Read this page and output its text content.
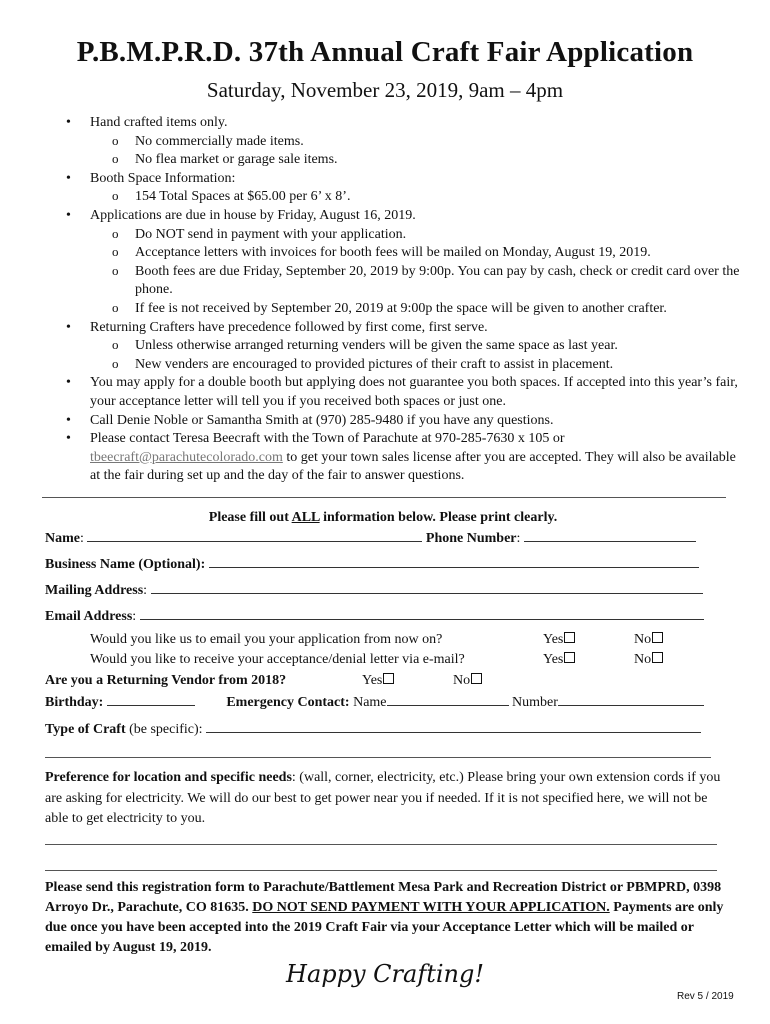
P.B.M.P.R.D. 37th Annual Craft Fair Application
Saturday, November 23, 2019, 9am – 4pm
• Hand crafted items only.
o No commercially made items.
o No flea market or garage sale items.
• Booth Space Information:
o 154 Total Spaces at $65.00 per 6’ x 8’.
• Applications are due in house by Friday, August 16, 2019.
o Do NOT send in payment with your application.
o Acceptance letters with invoices for booth fees will be mailed on Monday, August 19, 2019.
o Booth fees are due Friday, September 20, 2019 by 9:00p. You can pay by cash, check or credit card over the phone.
o If fee is not received by September 20, 2019 at 9:00p the space will be given to another crafter.
• Returning Crafters have precedence followed by first come, first serve.
o Unless otherwise arranged returning venders will be given the same space as last year.
o New venders are encouraged to provided pictures of their craft to assist in placement.
• You may apply for a double booth but applying does not guarantee you both spaces. If accepted into this year’s fair, your acceptance letter will tell you if you received both spaces or just one.
• Call Denie Noble or Samantha Smith at (970) 285-9480 if you have any questions.
• Please contact Teresa Beecraft with the Town of Parachute at 970-285-7630 x 105 or tbeecraft@parachutecolorado.com to get your town sales license after you are accepted. They will also be available at the fair during set up and the day of the fair to answer questions.
Please fill out ALL information below. Please print clearly.
Name:	Phone Number:
Business Name (Optional):
Mailing Address:
Email Address:
Would you like us to email you your application from now on?	Yes	No
Would you like to receive your acceptance/denial letter via e-mail?	Yes	No
Are you a Returning Vendor from 2018?	Yes	No
Birthday:	Emergency Contact: Name	Number
Type of Craft (be specific):
Preference for location and specific needs: (wall, corner, electricity, etc.) Please bring your own extension cords if you are asking for electricity. We will do our best to get power near you if needed. If it is not specified here, we will not be able to get electricity to you.
Please send this registration form to Parachute/Battlement Mesa Park and Recreation District or PBMPRD, 0398 Arroyo Dr., Parachute, CO 81635. DO NOT SEND PAYMENT WITH YOUR APPLICATION. Payments are only due once you have been accepted into the 2019 Craft Fair via your Acceptance Letter which will be mailed or emailed by August 19, 2019.
Happy Crafting!
Rev 5 / 2019
